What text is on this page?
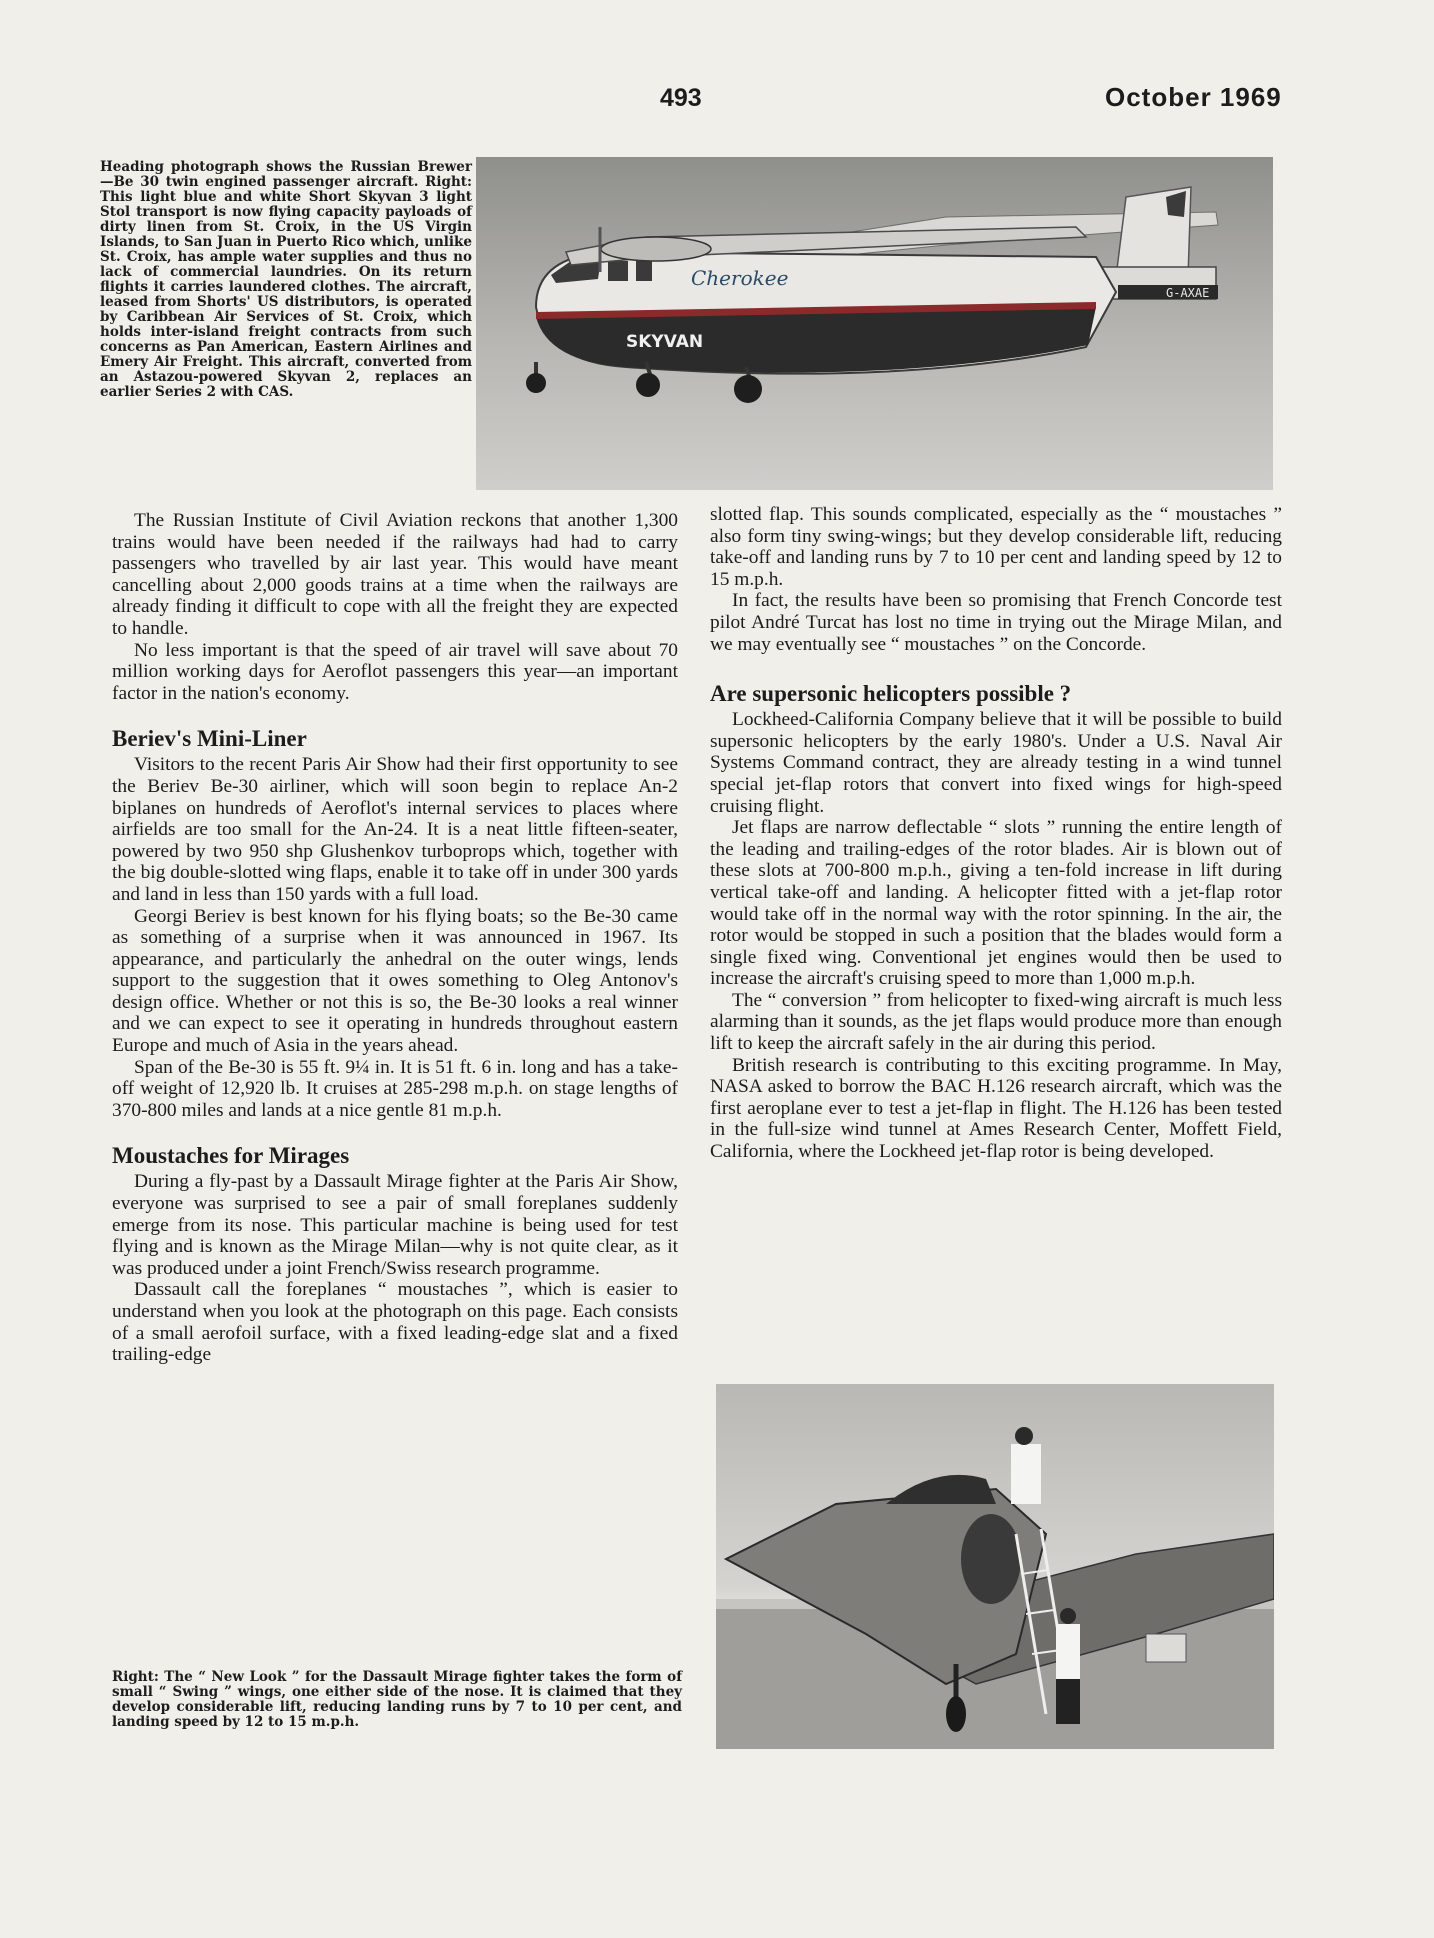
493	October 1969

Heading photograph shows the Russian Brewer—Be 30 twin engined passenger aircraft. Right: This light blue and white Short Skyvan 3 light Stol transport is now flying capacity payloads of dirty linen from St. Croix, in the US Virgin Islands, to San Juan in Puerto Rico which, unlike St. Croix, has ample water supplies and thus no lack of commercial laundries. On its return flights it carries laundered clothes. The aircraft, leased from Shorts' US distributors, is operated by Caribbean Air Services of St. Croix, which holds inter-island freight contracts from such concerns as Pan American, Eastern Airlines and Emery Air Freight. This aircraft, converted from an Astazou-powered Skyvan 2, replaces an earlier Series 2 with CAS.

G-AXAE
SKYVAN
Cherokee

The Russian Institute of Civil Aviation reckons that another 1,300 trains would have been needed if the railways had had to carry passengers who travelled by air last year. This would have meant cancelling about 2,000 goods trains at a time when the railways are already finding it difficult to cope with all the freight they are expected to handle.

No less important is that the speed of air travel will save about 70 million working days for Aeroflot passengers this year—an important factor in the nation's economy.

Beriev's Mini-Liner

Visitors to the recent Paris Air Show had their first opportunity to see the Beriev Be-30 airliner, which will soon begin to replace An-2 biplanes on hundreds of Aeroflot's internal services to places where airfields are too small for the An-24. It is a neat little fifteen-seater, powered by two 950 shp Glushenkov turboprops which, together with the big double-slotted wing flaps, enable it to take off in under 300 yards and land in less than 150 yards with a full load.

Georgi Beriev is best known for his flying boats; so the Be-30 came as something of a surprise when it was announced in 1967. Its appearance, and particularly the anhedral on the outer wings, lends support to the suggestion that it owes something to Oleg Antonov's design office. Whether or not this is so, the Be-30 looks a real winner and we can expect to see it operating in hundreds throughout eastern Europe and much of Asia in the years ahead.

Span of the Be-30 is 55 ft. 9¼ in. It is 51 ft. 6 in. long and has a take-off weight of 12,920 lb. It cruises at 285-298 m.p.h. on stage lengths of 370-800 miles and lands at a nice gentle 81 m.p.h.

Moustaches for Mirages

During a fly-past by a Dassault Mirage fighter at the Paris Air Show, everyone was surprised to see a pair of small foreplanes suddenly emerge from its nose. This particular machine is being used for test flying and is known as the Mirage Milan—why is not quite clear, as it was produced under a joint French/Swiss research programme.

Dassault call the foreplanes “ moustaches ”, which is easier to understand when you look at the photograph on this page. Each consists of a small aerofoil surface, with a fixed leading-edge slat and a fixed trailing-edge

slotted flap. This sounds complicated, especially as the “ moustaches ” also form tiny swing-wings; but they develop considerable lift, reducing take-off and landing runs by 7 to 10 per cent and landing speed by 12 to 15 m.p.h.

In fact, the results have been so promising that French Concorde test pilot André Turcat has lost no time in trying out the Mirage Milan, and we may eventually see “ moustaches ” on the Concorde.

Are supersonic helicopters possible ?

Lockheed-California Company believe that it will be possible to build supersonic helicopters by the early 1980's. Under a U.S. Naval Air Systems Command contract, they are already testing in a wind tunnel special jet-flap rotors that convert into fixed wings for high-speed cruising flight.

Jet flaps are narrow deflectable “ slots ” running the entire length of the leading and trailing-edges of the rotor blades. Air is blown out of these slots at 700-800 m.p.h., giving a ten-fold increase in lift during vertical take-off and landing. A helicopter fitted with a jet-flap rotor would take off in the normal way with the rotor spinning. In the air, the rotor would be stopped in such a position that the blades would form a single fixed wing. Conventional jet engines would then be used to increase the aircraft's cruising speed to more than 1,000 m.p.h.

The “ conversion ” from helicopter to fixed-wing aircraft is much less alarming than it sounds, as the jet flaps would produce more than enough lift to keep the aircraft safely in the air during this period.

British research is contributing to this exciting programme. In May, NASA asked to borrow the BAC H.126 research aircraft, which was the first aeroplane ever to test a jet-flap in flight. The H.126 has been tested in the full-size wind tunnel at Ames Research Center, Moffett Field, California, where the Lockheed jet-flap rotor is being developed.

Right: The “ New Look ” for the Dassault Mirage fighter takes the form of small “ Swing ” wings, one either side of the nose. It is claimed that they develop considerable lift, reducing landing runs by 7 to 10 per cent, and landing speed by 12 to 15 m.p.h.
